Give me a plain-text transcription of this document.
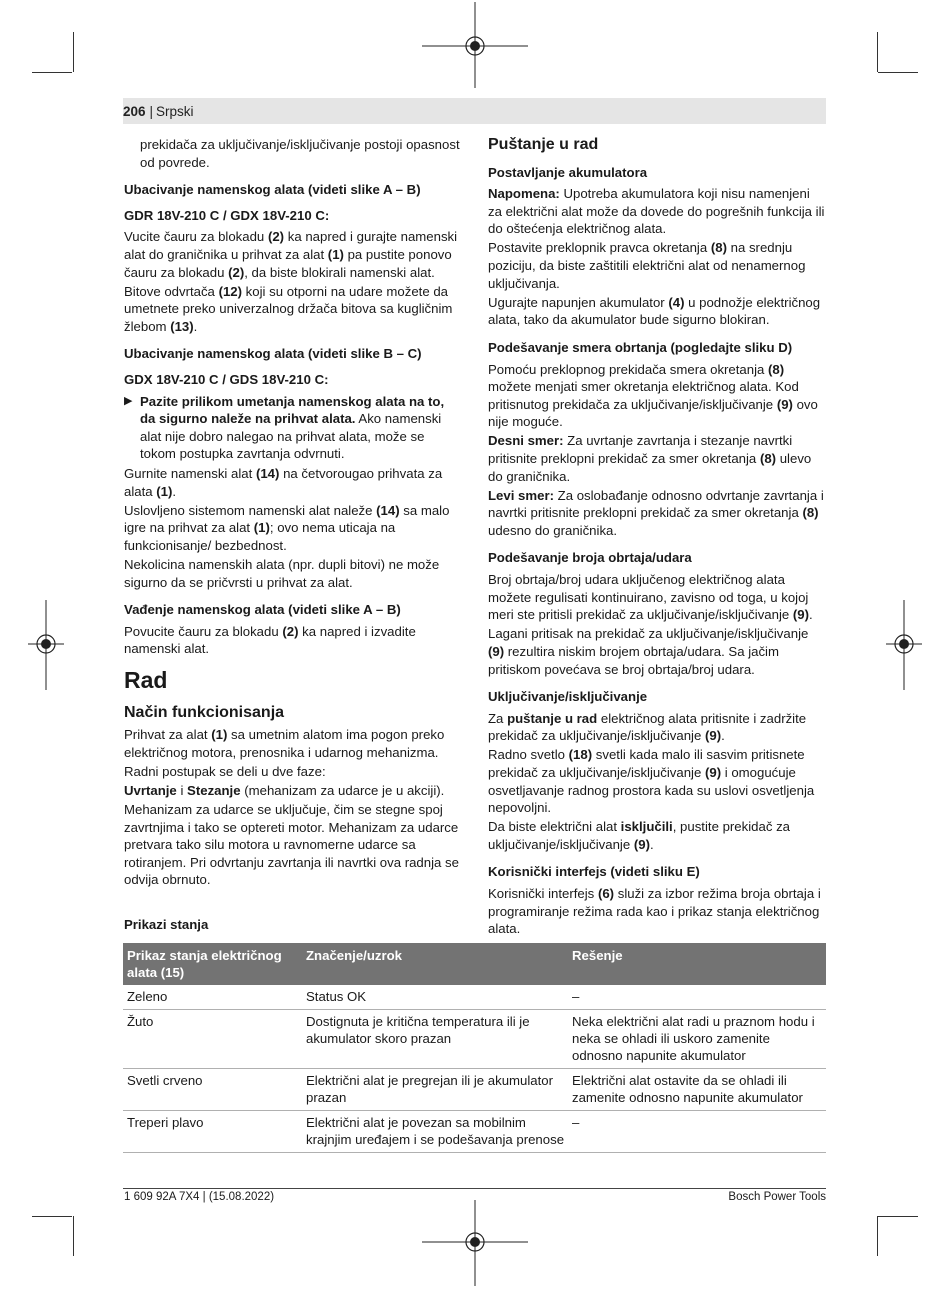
206 | Srpski

prekidača za uključivanje/isključivanje postoji opasnost od povrede.

Ubacivanje namenskog alata (videti slike A – B)
GDR 18V-210 C / GDX 18V-210 C:

Vucite čauru za blokadu (2) ka napred i gurajte namenski alat do graničnika u prihvat za alat (1) pa pustite ponovo čauru za blokadu (2), da biste blokirali namenski alat.

Bitove odvrtača (12) koji su otporni na udare možete da umetnete preko univerzalnog držača bitova sa kugličnim žlebom (13).

Ubacivanje namenskog alata (videti slike B – C)
GDX 18V-210 C / GDS 18V-210 C:
▶ Pazite prilikom umetanja namenskog alata na to, da sigurno naleže na prihvat alata. Ako namenski alat nije dobro nalegao na prihvat alata, može se tokom postupka zavrtanja odvrnuti.

Gurnite namenski alat (14) na četvorougao prihvata za alata (1).

Uslovljeno sistemom namenski alat naleže (14) sa malo igre na prihvat za alat (1); ovo nema uticaja na funkcionisanje/ bezbednost.

Nekolicina namenskih alata (npr. dupli bitovi) ne može sigurno da se pričvrsti u prihvat za alat.

Vađenje namenskog alata (videti slike A – B)

Povucite čauru za blokadu (2) ka napred i izvadite namenski alat.

Rad
Način funkcionisanja

Prihvat za alat (1) sa umetnim alatom ima pogon preko električnog motora, prenosnika i udarnog mehanizma.

Radni postupak se deli u dve faze:

Uvrtanje i Stezanje (mehanizam za udarce je u akciji).

Mehanizam za udarce se uključuje, čim se stegne spoj zavrtnjima i tako se optereti motor. Mehanizam za udarce pretvara tako silu motora u ravnomerne udarce sa rotiranjem. Pri odvrtanju zavrtanja ili navrtki ova radnja se odvija obrnuto.

Puštanje u rad
Postavljanje akumulatora

Napomena: Upotreba akumulatora koji nisu namenjeni za električni alat može da dovede do pogrešnih funkcija ili do oštećenja električnog alata.

Postavite preklopnik pravca okretanja (8) na srednju poziciju, da biste zaštitili električni alat od nenamernog uključivanja.

Ugurajte napunjen akumulator (4) u podnožje električnog alata, tako da akumulator bude sigurno blokiran.

Podešavanje smera obrtanja (pogledajte sliku D)

Pomoću preklopnog prekidača smera okretanja (8) možete menjati smer okretanja električnog alata. Kod pritisnutog prekidača za uključivanje/isključivanje (9) ovo nije moguće.

Desni smer: Za uvrtanje zavrtanja i stezanje navrtki pritisnite preklopni prekidač za smer okretanja (8) ulevo do graničnika.

Levi smer: Za oslobađanje odnosno odvrtanje zavrtanja i navrtki pritisnite preklopni prekidač za smer okretanja (8) udesno do graničnika.

Podešavanje broja obrtaja/udara

Broj obrtaja/broj udara uključenog električnog alata možete regulisati kontinuirano, zavisno od toga, u kojoj meri ste pritisli prekidač za uključivanje/isključivanje (9).

Lagani pritisak na prekidač za uključivanje/isključivanje (9) rezultira niskim brojem obrtaja/udara. Sa jačim pritiskom povećava se broj obrtaja/broj udara.

Uključivanje/isključivanje

Za puštanje u rad električnog alata pritisnite i zadržite prekidač za uključivanje/isključivanje (9).

Radno svetlo (18) svetli kada malo ili sasvim pritisnete prekidač za uključivanje/isključivanje (9) i omogućuje osvetljavanje radnog prostora kada su uslovi osvetljenja nepovoljni.

Da biste električni alat isključili, pustite prekidač za uključivanje/isključivanje (9).

Korisnički interfejs (videti sliku E)

Korisnički interfejs (6) služi za izbor režima broja obrtaja i programiranje režima rada kao i prikaz stanja električnog alata.

Prikazi stanja
Prikaz stanja električnog alata (15)	Značenje/uzrok	Rešenje
Zeleno	Status OK	–
Žuto	Dostignuta je kritična temperatura ili je akumulator skoro prazan	Neka električni alat radi u praznom hodu i neka se ohladi ili uskoro zamenite odnosno napunite akumulator
Svetli crveno	Električni alat je pregrejan ili je akumulator prazan	Električni alat ostavite da se ohladi ili zamenite odnosno napunite akumulator
Treperi plavo	Električni alat je povezan sa mobilnim krajnjim uređajem i se podešavanja prenose	–
1 609 92A 7X4 | (15.08.2022)	Bosch Power Tools
